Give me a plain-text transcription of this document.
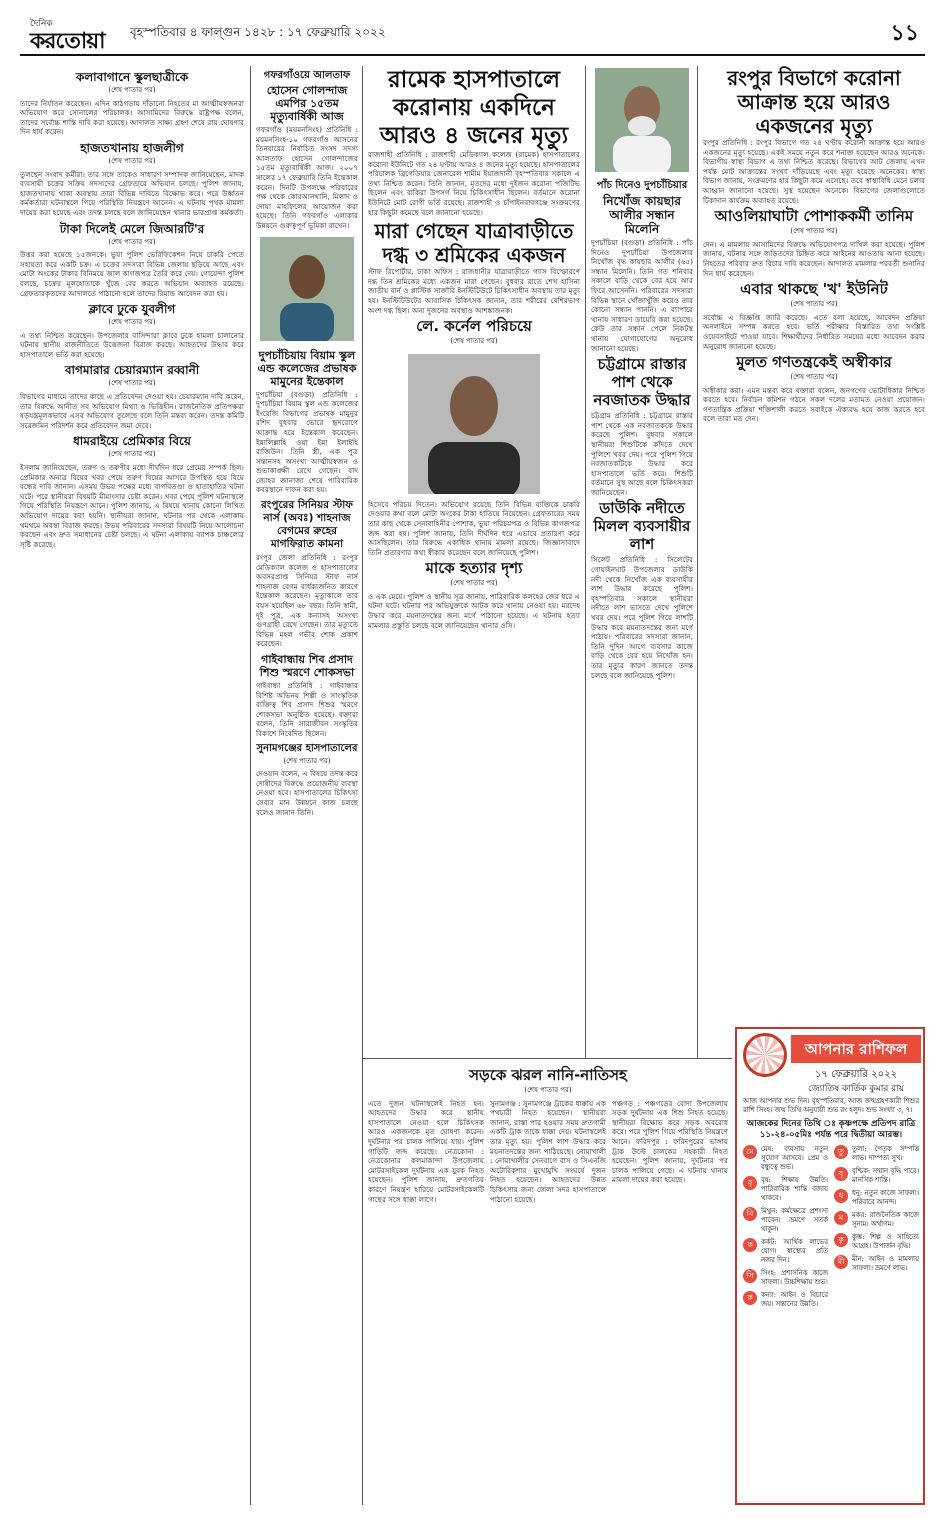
দৈনিক
করতোয়া	বৃহস্পতিবার ৪ ফাল্গুন ১৪২৮ : ১৭ ফেব্রুয়ারি ২০২২	১১
কলাবাগানে স্কুলছাত্রীকে

(শেষ পাতার পর)

তাদের নির্যাতন করেছেন। এদিন কাঠগড়ায় দাঁড়ানো নিহতের মা আত্মীয়স্বজনরা অভিযোগ করে সোনালের পরিচালক। আসামিদের বিরুদ্ধে রাষ্ট্রপক্ষ বলেন, তাদের সর্বোচ্চ শাস্তি দাবি করা হয়েছে। আদালত সাক্ষ্য গ্রহণ শেষে রায় ঘোষণার দিন ধার্য করেন।

হাজতখানায় হাজলীগ

(শেষ পাতার পর)

তুলছেন সংবাদ কর্মীরা। তার সঙ্গে তাকেও সাধারণ সম্পাদক জানিয়েছেন, মাদক ব্যবসায়ী চক্রের সক্রিয় সদস্যদের গ্রেফতারে অভিযান চলছে। পুলিশ জানায়, হাজতখানায় থাকা অবস্থায় তারা বিভিন্ন দাবিতে বিক্ষোভ করে। পরে উর্ধ্বতন কর্মকর্তারা ঘটনাস্থলে গিয়ে পরিস্থিতি নিয়ন্ত্রণে আনেন। এ ঘটনায় পৃথক মামলা দায়ের করা হয়েছে এবং তদন্ত চলছে বলে জানিয়েছেন থানার ভারপ্রাপ্ত কর্মকর্তা।

টাকা দিলেই মেলে জিআরটি'র

(শেষ পাতার পর)

উত্তর করা হয়েছে ১৫জনকে। ভুয়া পুলিশ ভেরিফিকেশন নিয়ে চাকরি পেতে সহায়তা করে একটি চক্র। এ চক্রের সদস্যরা বিভিন্ন জেলায় ছড়িয়ে আছে এবং মোটা অংকের টাকার বিনিময়ে জাল কাগজপত্র তৈরি করে দেয়। গোয়েন্দা পুলিশ বলছে, চক্রের মূলহোতাকে খুঁজে বের করতে অভিযান অব্যাহত রয়েছে। গ্রেফতারকৃতদের আদালতে পাঠানো হলে তাদের রিমান্ড আবেদন করা হয়।

ক্লাবে ঢুকে যুবলীগ

(শেষ পাতার পর)

এ তথ্য নিশ্চিত করেছেন। উপজেলার বাসিন্দারা ক্লাবে ঢুকে হামলা চালানোর ঘটনায় স্থানীয় রাজনীতিতে উত্তেজনা বিরাজ করছে। আহতদের উদ্ধার করে হাসপাতালে ভর্তি করা হয়েছে।

বাগমারার চেয়ারম্যান রব্বানী

(শেষ পাতার পর)

বিভাগের মাধ্যমে তাদের কাছে এ প্রতিবেদন দেওয়া হয়। চেয়ারম্যান দাবি করেন, তার বিরুদ্ধে আনীত সব অভিযোগ মিথ্যা ও ভিত্তিহীন। রাজনৈতিক প্রতিপক্ষরা ষড়যন্ত্রমূলকভাবে এসব অভিযোগ তুলেছে বলে তিনি মন্তব্য করেন। তদন্ত কমিটি সরেজমিন পরিদর্শন করে প্রতিবেদন জমা দেবে।

ধামরাইয়ে প্রেমিকার বিয়ে

(শেষ পাতার পর)

ইসলাম জানিয়েছেন, তরুণ ও তরুণীর মধ্যে দীর্ঘদিন ধরে প্রেমের সম্পর্ক ছিল। প্রেমিকার অন্যত্র বিয়ের খবর পেয়ে তরুণ বিয়ের আসরে উপস্থিত হয়ে বিয়ে বন্ধের দাবি জানান। এসময় উভয় পক্ষের মধ্যে বাগবিতণ্ডা ও হাতাহাতির ঘটনা ঘটে। পরে স্থানীয়রা বিষয়টি মীমাংসার চেষ্টা করেন। খবর পেয়ে পুলিশ ঘটনাস্থলে গিয়ে পরিস্থিতি নিয়ন্ত্রণে আনে। পুলিশ জানায়, এ বিষয়ে থানায় কোনো লিখিত অভিযোগ দায়ের করা হয়নি। স্থানীয়রা জানান, ঘটনার পর থেকে এলাকায় থমথমে অবস্থা বিরাজ করছে। উভয় পরিবারের সদস্যরা বিষয়টি নিয়ে আলোচনা করছেন এবং দ্রুত সমাধানের চেষ্টা চলছে। এ ঘটনা এলাকায় ব্যাপক চাঞ্চল্যের সৃষ্টি করেছে।

গফরগাঁওয়ে আলতাফ
হোসেন গোলন্দাজ এমপির ১৫তম মৃত্যুবার্ষিকী আজ

গফরগাঁও (ময়মনসিংহ) প্রতিনিধি : ময়মনসিংহ-১০ গফরগাঁও আসনের তিনবারের নির্বাচিত সংসদ সদস্য আলতাফ হোসেন গোলন্দাজের ১৫তম মৃত্যুবার্ষিকী আজ। ২০০৭ সালের ১৭ ফেব্রুয়ারি তিনি ইন্তেকাল করেন। দিনটি উপলক্ষে পরিবারের পক্ষ থেকে কোরআনখানি, মিলাদ ও দোয়া মাহফিলের আয়োজন করা হয়েছে। তিনি গফরগাঁও এলাকার উন্নয়নে গুরুত্বপূর্ণ ভূমিকা রাখেন।

দুপচাঁচিয়ায় বিয়াম স্কুল এন্ড কলেজের প্রভাষক মামুনের ইন্তেকাল

দুপচাঁচিয়া (বগুড়া) প্রতিনিধি : দুপচাঁচিয়া বিয়াম স্কুল এন্ড কলেজের ইংরেজি বিভাগের প্রভাষক মামুনুর রশিদ বুধবার ভোরে হৃদরোগে আক্রান্ত হয়ে ইন্তেকাল করেছেন। ইন্নালিল্লাহি ওয়া ইন্না ইলাইহি রাজিউন। তিনি স্ত্রী, এক পুত্র সন্তানসহ অসংখ্য আত্মীয়স্বজন ও শুভাকাঙ্ক্ষী রেখে গেছেন। বাদ জোহর জানাজা শেষে পারিবারিক কবরস্থানে দাফন করা হয়।

রংপুরের সিনিয়র স্টাফ নার্স (অবঃ) শাহনাজ বেগমের রুহের মাগফিরাত কামনা

রংপুর জেলা প্রতিনিধি : রংপুর মেডিক্যাল কলেজ ও হাসপাতালের অবসরপ্রাপ্ত সিনিয়র স্টাফ নার্স শাহনাজ বেগম বার্ধক্যজনিত কারণে ইন্তেকাল করেছেন। মৃত্যুকালে তার বয়স হয়েছিল ৬৮ বছর। তিনি স্বামী, দুই পুত্র, এক কন্যাসহ অসংখ্য গুণগ্রাহী রেখে গেছেন। তার মৃত্যুতে বিভিন্ন মহল গভীর শোক প্রকাশ করেছেন।

গাইবান্ধায় শিব প্রসাদ শিশু স্মরণে শোকসভা

গাইবান্ধা প্রতিনিধি : গাইবান্ধার বিশিষ্ট অভিনয় শিল্পী ও সাংস্কৃতিক ব্যক্তিত্ব শিব প্রসাদ শিশুর স্মরণে শোকসভা অনুষ্ঠিত হয়েছে। বক্তারা বলেন, তিনি সারাজীবন সংস্কৃতির বিকাশে নিবেদিত ছিলেন।

সুনামগঞ্জের হাসপাতালের

(শেষ পাতার পর)

দেওয়ান বলেন, এ বিষয়ে তদন্ত করে দোষীদের বিরুদ্ধে প্রয়োজনীয় ব্যবস্থা নেওয়া হবে। হাসপাতালের চিকিৎসা সেবার মান উন্নয়নে কাজ চলছে বলেও জানান তিনি।

রামেক হাসপাতালে করোনায় একদিনে আরও ৪ জনের মৃত্যু

রাজশাহী প্রতিনিধি : রাজশাহী মেডিক্যাল কলেজ (রামেক) হাসপাতালের করোনা ইউনিটে গত ২৪ ঘণ্টায় আরও ৪ জনের মৃত্যু হয়েছে। হাসপাতালের পরিচালক ব্রিগেডিয়ার জেনারেল শামীম ইয়াজদানী বৃহস্পতিবার সকালে এ তথ্য নিশ্চিত করেন। তিনি জানান, মৃতদের মধ্যে দুইজন করোনা পজিটিভ ছিলেন এবং বাকিরা উপসর্গ নিয়ে চিকিৎসাধীন ছিলেন। বর্তমানে করোনা ইউনিটে মোট রোগী ভর্তি রয়েছে। রাজশাহী ও চাঁপাইনবাবগঞ্জে সংক্রমণের হার কিছুটা কমেছে বলে জানানো হয়েছে।

মারা গেছেন যাত্রাবাড়ীতে দগ্ধ ৩ শ্রমিকের একজন

স্টাফ রিপোর্টার, ঢাকা অফিস : রাজধানীর যাত্রাবাড়ীতে গ্যাস বিস্ফোরণে দগ্ধ তিন শ্রমিকের মধ্যে একজন মারা গেছেন। বুধবার রাতে শেখ হাসিনা জাতীয় বার্ন ও প্লাস্টিক সার্জারি ইনস্টিটিউটে চিকিৎসাধীন অবস্থায় তার মৃত্যু হয়। ইনস্টিটিউটের আবাসিক চিকিৎসক জানান, তার শরীরের বেশিরভাগ অংশ দগ্ধ ছিল। অন্য দুজনের অবস্থাও আশঙ্কাজনক।

লে. কর্নেল পরিচয়ে

(শেষ পাতার পর)

হিসেবে পরিচয় দিতেন। অভিযোগ রয়েছে তিনি বিভিন্ন ব্যক্তিকে চাকরি দেওয়ার কথা বলে মোটা অংকের টাকা হাতিয়ে নিয়েছেন। গ্রেফতারের সময় তার কাছ থেকে সেনাবাহিনীর পোশাক, ভুয়া পরিচয়পত্র ও বিভিন্ন কাগজপত্র জব্দ করা হয়। পুলিশ জানায়, তিনি দীর্ঘদিন ধরে এভাবে প্রতারণা করে আসছিলেন। তার বিরুদ্ধে একাধিক থানায় মামলা রয়েছে। জিজ্ঞাসাবাদে তিনি প্রতারণার কথা স্বীকার করেছেন বলে জানিয়েছে পুলিশ।

মাকে হত্যার দৃশ্য

(শেষ পাতার পর)

ও এক মেয়ে। পুলিশ ও স্থানীয় সূত্র জানায়, পারিবারিক কলহের জের ধরে এ ঘটনা ঘটে। ঘটনার পর অভিযুক্তকে আটক করে থানায় নেওয়া হয়। মরদেহ উদ্ধার করে ময়নাতদন্তের জন্য মর্গে পাঠানো হয়েছে। এ ঘটনায় হত্যা মামলার প্রস্তুতি চলছে বলে জানিয়েছেন থানার ওসি।

পাঁচ দিনেও দুপচাঁচিয়ার
নিখোঁজ কায়ছার আলীর সন্ধান মিলেনি

দুপচাঁচিয়া (বগুড়া) প্রতিনিধি : পাঁচ দিনেও দুপচাঁচিয়া উপজেলার নিখোঁজ বৃদ্ধ কায়ছার আলীর (৬৫) সন্ধান মিলেনি। তিনি গত শনিবার সকালে বাড়ি থেকে বের হয়ে আর ফিরে আসেননি। পরিবারের সদস্যরা বিভিন্ন স্থানে খোঁজাখুঁজি করেও তার কোনো সন্ধান পাননি। এ ব্যাপারে থানায় সাধারণ ডায়েরি করা হয়েছে। কেউ তার সন্ধান পেলে নিকটস্থ থানায় যোগাযোগের অনুরোধ জানানো হয়েছে।

চট্টগ্রামে রাস্তার পাশ থেকে নবজাতক উদ্ধার

চট্টগ্রাম প্রতিনিধি : চট্টগ্রামে রাস্তার পাশ থেকে এক নবজাতককে উদ্ধার করেছে পুলিশ। বুধবার সকালে স্থানীয়রা শিশুটিকে কাঁদতে দেখে পুলিশে খবর দেয়। পরে পুলিশ গিয়ে নবজাতকটিকে উদ্ধার করে হাসপাতালে ভর্তি করে। শিশুটি বর্তমানে সুস্থ আছে বলে চিকিৎসকরা জানিয়েছেন।

ডাউকি নদীতে মিলল ব্যবসায়ীর লাশ

সিলেট প্রতিনিধি : সিলেটের গোয়াইনঘাট উপজেলার ডাউকি নদী থেকে নিখোঁজ এক ব্যবসায়ীর লাশ উদ্ধার করেছে পুলিশ। বৃহস্পতিবার সকালে স্থানীয়রা নদীতে লাশ ভাসতে দেখে পুলিশে খবর দেয়। পরে পুলিশ গিয়ে লাশটি উদ্ধার করে ময়নাতদন্তের জন্য মর্গে পাঠায়। পরিবারের সদস্যরা জানান, তিনি দুদিন আগে ব্যবসার কাজে বাড়ি থেকে বের হয়ে নিখোঁজ হন। তার মৃত্যুর কারণ জানতে তদন্ত চলছে বলে জানিয়েছে পুলিশ।

রংপুর বিভাগে করোনা আক্রান্ত হয়ে আরও একজনের মৃত্যু

রংপুর প্রতিনিধি : রংপুর বিভাগে গত ২৪ ঘণ্টায় করোনা আক্রান্ত হয়ে আরও একজনের মৃত্যু হয়েছে। একই সময়ে নতুন করে শনাক্ত হয়েছেন আরও অনেকে। বিভাগীয় স্বাস্থ্য বিভাগ এ তথ্য নিশ্চিত করেছে। বিভাগের আট জেলায় এখন পর্যন্ত মোট আক্রান্তের সংখ্যা দাঁড়িয়েছে এবং মৃত্যু হয়েছে অনেকের। স্বাস্থ্য বিভাগ জানায়, সংক্রমণের হার কিছুটা কমে এসেছে। তবে স্বাস্থ্যবিধি মেনে চলার আহ্বান জানানো হয়েছে। সুস্থ হয়েছেন অনেকে। বিভাগের জেলাগুলোতে টিকাদান কার্যক্রম অব্যাহত রয়েছে।

আওলিয়াঘাটা পোশাককর্মী তানিম

(শেষ পাতার পর)

দেন। এ মামলায় আসামিদের বিরুদ্ধে অভিযোগপত্র দাখিল করা হয়েছে। পুলিশ জানায়, ঘটনার সঙ্গে জড়িতদের চিহ্নিত করে আইনের আওতায় আনা হয়েছে। নিহতের পরিবার দ্রুত বিচার দাবি করেছেন। আদালত মামলার পরবর্তী শুনানির দিন ধার্য করেছেন।

এবার থাকছে 'খ' ইউনিট

(শেষ পাতার পর)

সর্বোচ্চ এ বিজ্ঞপ্তি জারি করেছে। এতে বলা হয়েছে, আবেদন প্রক্রিয়া অনলাইনে সম্পন্ন করতে হবে। ভর্তি পরীক্ষার বিস্তারিত তথ্য সংশ্লিষ্ট ওয়েবসাইটে পাওয়া যাবে। শিক্ষার্থীদের নির্ধারিত সময়ের মধ্যে আবেদন করার অনুরোধ জানানো হয়েছে।

মুলত গণতন্ত্রকেই অস্বীকার

(শেষ পাতার পর)

অস্বীকার করা। এমন মন্তব্য করে বক্তারা বলেন, জনগণের ভোটাধিকার নিশ্চিত করতে হবে। নির্বাচন কমিশন গঠনে সকল দলের মতামত নেওয়া প্রয়োজন। গণতান্ত্রিক প্রক্রিয়া শক্তিশালী করতে সবাইকে ঐক্যবদ্ধ হয়ে কাজ করতে হবে বলে তারা মত দেন।

সড়কে ঝরল নানি-নাতিসহ

(শেষ পাতার পর)

এতে দুজন ঘটনাস্থলেই নিহত হন। আহতদের উদ্ধার করে স্থানীয় হাসপাতালে নেওয়া হলে চিকিৎসক আরও একজনকে মৃত ঘোষণা করেন। দুর্ঘটনার পর চালক পালিয়ে যায়। পুলিশ গাড়িটি জব্দ করেছে। নেত্রকোনা : নেত্রকোনার কলমাকান্দা উপজেলায় মোটরসাইকেল দুর্ঘটনায় এক যুবক নিহত হয়েছেন। পুলিশ জানায়, দ্রুতগতির কারণে নিয়ন্ত্রণ হারিয়ে মোটরসাইকেলটি গাছের সঙ্গে ধাক্কা লাগে।

সুনামগঞ্জ : সুনামগঞ্জে ট্রাকের ধাক্কায় এক পথচারী নিহত হয়েছেন। স্থানীয়রা জানান, রাস্তা পার হওয়ার সময় দ্রুতগামী একটি ট্রাক তাকে ধাক্কা দেয়। ঘটনাস্থলেই তার মৃত্যু হয়। পুলিশ লাশ উদ্ধার করে ময়নাতদন্তের জন্য পাঠিয়েছে। নোয়াখালী : নোয়াখালীর সেনবাগে বাস ও সিএনজি অটোরিকশার মুখোমুখি সংঘর্ষে দুজন নিহত হয়েছেন। আহতদের উন্নত চিকিৎসার জন্য জেলা সদর হাসপাতালে পাঠানো হয়েছে।

পঞ্চগড় : পঞ্চগড়ের বোদা উপজেলায় সড়ক দুর্ঘটনায় এক শিশু নিহত হয়েছে। স্থানীয়রা বিক্ষোভ করে সড়ক অবরোধ করে। পরে পুলিশ গিয়ে পরিস্থিতি নিয়ন্ত্রণে আনে। ফরিদপুর : ফরিদপুরের ভাঙ্গায় ট্রাক উল্টে চালকের সহকারী নিহত হয়েছেন। পুলিশ জানায়, দুর্ঘটনার পর চালক পালিয়ে গেছে। এ ঘটনায় থানায় মামলা দায়ের করা হয়েছে।

আপনার রাশিফল
১৭ ফেব্রুয়ারি ২০২২
জ্যোতিষ কার্তিক কুমার রায়

আজ আপনার শুভ দিন। বৃহস্পতিবার, আজ জন্মগ্রহণকারী শিশুর রাশি সিংহ। জন্ম তিথি অনুযায়ী শুভ রং হলুদ। শুভ সংখ্যা ৩, ৭।

আজকের দিনের তিথি ঃ কৃষ্ণপক্ষে প্রতিপদ রাত্রি ১১-২৪-০৫মিঃ পর্যন্ত পরে দ্বিতীয়া আরম্ভ।
মে	মেষ: ব্যবসায় নতুন সুযোগ আসবে। প্রেম ও বন্ধুত্বে শুভ।
বৃ	বৃষ: শিক্ষায় উন্নতি। পারিবারিক শান্তি বজায় থাকবে।
মি	মিথুন: কর্মক্ষেত্রে প্রশংসা পাবেন। ভ্রমণে সতর্ক থাকুন।
ক	কর্কট: আর্থিক লাভের যোগ। স্বাস্থ্যের প্রতি নজর দিন।
সি	সিংহ: প্রশাসনিক কাজে সাফল্য। উচ্চশিক্ষায় শুভ।
ক	কন্যা: আইন ও বিচারে জয়। সন্তানের উন্নতি।
তু	তুলা: পৈতৃক সম্পত্তি লাভ। দাম্পত্য সুখ।
বৃ	বৃশ্চিক: সম্মান বৃদ্ধি পাবে। মানসিক শান্তি।
ধ	ধনু: নতুন কাজে সাফল্য। পরিবারে আনন্দ।
ম	মকর: রাজনৈতিক কাজে সুনাম। অর্থাগম।
কু	কুম্ভ: শিল্প ও সাহিত্যে আগ্রহ। উপার্জন বৃদ্ধি।
মী	মীন: আইন ও মামলায় সাফল্য। ভ্রমণে লাভ।
